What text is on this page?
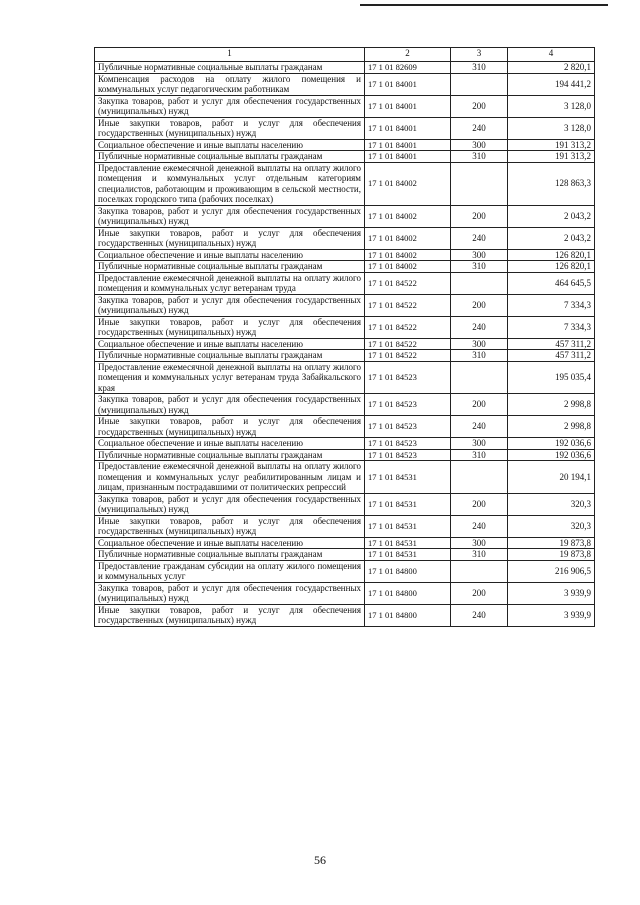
1	2	3	4
Публичные нормативные социальные выплаты гражданам	17 1 01 82609	310	2 820,1
Компенсация расходов на оплату жилого помещения и коммунальных услуг педагогическим работникам	17 1 01 84001		194 441,2
Закупка товаров, работ и услуг для обеспечения государственных (муниципальных) нужд	17 1 01 84001	200	3 128,0
Иные закупки товаров, работ и услуг для обеспечения государственных (муниципальных) нужд	17 1 01 84001	240	3 128,0
Социальное обеспечение и иные выплаты населению	17 1 01 84001	300	191 313,2
Публичные нормативные социальные выплаты гражданам	17 1 01 84001	310	191 313,2
Предоставление ежемесячной денежной выплаты на оплату жилого помещения и коммунальных услуг отдельным категориям специалистов, работающим и проживающим в сельской местности, поселках городского типа (рабочих поселках)	17 1 01 84002		128 863,3
Закупка товаров, работ и услуг для обеспечения государственных (муниципальных) нужд	17 1 01 84002	200	2 043,2
Иные закупки товаров, работ и услуг для обеспечения государственных (муниципальных) нужд	17 1 01 84002	240	2 043,2
Социальное обеспечение и иные выплаты населению	17 1 01 84002	300	126 820,1
Публичные нормативные социальные выплаты гражданам	17 1 01 84002	310	126 820,1
Предоставление ежемесячной денежной выплаты на оплату жилого помещения и коммунальных услуг ветеранам труда	17 1 01 84522		464 645,5
Закупка товаров, работ и услуг для обеспечения государственных (муниципальных) нужд	17 1 01 84522	200	7 334,3
Иные закупки товаров, работ и услуг для обеспечения государственных (муниципальных) нужд	17 1 01 84522	240	7 334,3
Социальное обеспечение и иные выплаты населению	17 1 01 84522	300	457 311,2
Публичные нормативные социальные выплаты гражданам	17 1 01 84522	310	457 311,2
Предоставление ежемесячной денежной выплаты на оплату жилого помещения и коммунальных услуг ветеранам труда Забайкальского края	17 1 01 84523		195 035,4
Закупка товаров, работ и услуг для обеспечения государственных (муниципальных) нужд	17 1 01 84523	200	2 998,8
Иные закупки товаров, работ и услуг для обеспечения государственных (муниципальных) нужд	17 1 01 84523	240	2 998,8
Социальное обеспечение и иные выплаты населению	17 1 01 84523	300	192 036,6
Публичные нормативные социальные выплаты гражданам	17 1 01 84523	310	192 036,6
Предоставление ежемесячной денежной выплаты на оплату жилого помещения и коммунальных услуг реабилитированным лицам и лицам, признанным пострадавшими от политических репрессий	17 1 01 84531		20 194,1
Закупка товаров, работ и услуг для обеспечения государственных (муниципальных) нужд	17 1 01 84531	200	320,3
Иные закупки товаров, работ и услуг для обеспечения государственных (муниципальных) нужд	17 1 01 84531	240	320,3
Социальное обеспечение и иные выплаты населению	17 1 01 84531	300	19 873,8
Публичные нормативные социальные выплаты гражданам	17 1 01 84531	310	19 873,8
Предоставление гражданам субсидии на оплату жилого помещения и коммунальных услуг	17 1 01 84800		216 906,5
Закупка товаров, работ и услуг для обеспечения государственных (муниципальных) нужд	17 1 01 84800	200	3 939,9
Иные закупки товаров, работ и услуг для обеспечения государственных (муниципальных) нужд	17 1 01 84800	240	3 939,9
56
